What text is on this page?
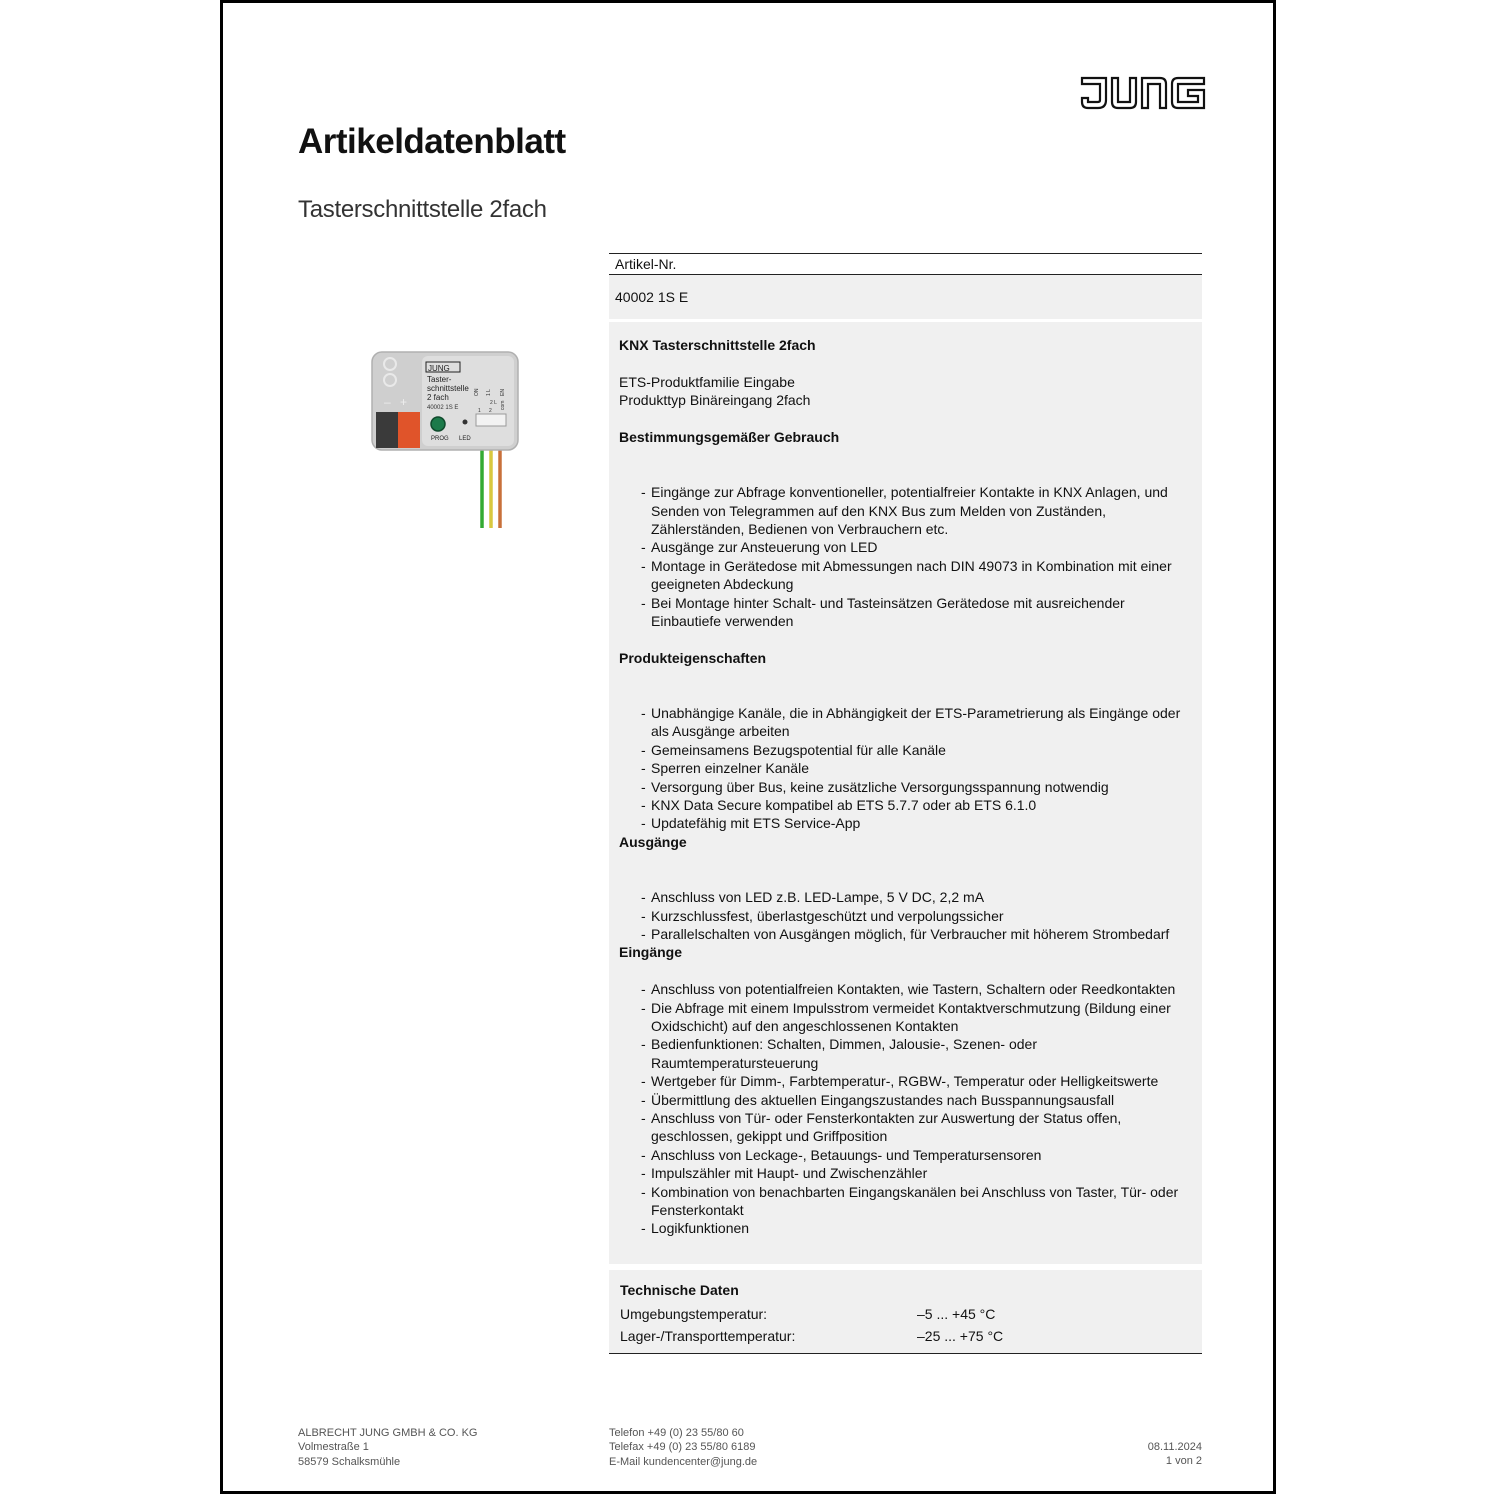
Artikeldatenblatt
Tasterschnittstelle 2fach
– +
JUNG
Taster-
schnittstelle
2 fach
40002 1S E
PROG LED
ON 1 L
com
EN
1 2
2 L
Artikel-Nr.
40002 1S E

KNX Tasterschnittstelle 2fach

ETS-Produktfamilie Eingabe

Produkttyp Binäreingang 2fach

Bestimmungsgemäßer Gebrauch

- Eingänge zur Abfrage konventioneller, potentialfreier Kontakte in KNX Anlagen, und Senden von Telegrammen auf den KNX Bus zum Melden von Zuständen, Zählerständen, Bedienen von Verbrauchern etc.
- Ausgänge zur Ansteuerung von LED
- Montage in Gerätedose mit Abmessungen nach DIN 49073 in Kombination mit einer geeigneten Abdeckung
- Bei Montage hinter Schalt- und Tasteinsätzen Gerätedose mit ausreichender Einbautiefe verwenden

Produkteigenschaften

- Unabhängige Kanäle, die in Abhängigkeit der ETS-Parametrierung als Eingänge oder als Ausgänge arbeiten
- Gemeinsamens Bezugspotential für alle Kanäle
- Sperren einzelner Kanäle
- Versorgung über Bus, keine zusätzliche Versorgungsspannung notwendig
- KNX Data Secure kompatibel ab ETS 5.7.7 oder ab ETS 6.1.0
- Updatefähig mit ETS Service-App

Ausgänge

- Anschluss von LED z.B. LED-Lampe, 5 V DC, 2,2 mA
- Kurzschlussfest, überlastgeschützt und verpolungssicher
- Parallelschalten von Ausgängen möglich, für Verbraucher mit höherem Strombedarf

Eingänge

- Anschluss von potentialfreien Kontakten, wie Tastern, Schaltern oder Reedkontakten
- Die Abfrage mit einem Impulsstrom vermeidet Kontaktverschmutzung (Bildung einer Oxidschicht) auf den angeschlossenen Kontakten
- Bedienfunktionen: Schalten, Dimmen, Jalousie-, Szenen- oder Raumtemperatursteuerung
- Wertgeber für Dimm-, Farbtemperatur-, RGBW-, Temperatur oder Helligkeitswerte
- Übermittlung des aktuellen Eingangszustandes nach Busspannungsausfall
- Anschluss von Tür- oder Fensterkontakten zur Auswertung der Status offen, geschlossen, gekippt und Griffposition
- Anschluss von Leckage-, Betauungs- und Temperatursensoren
- Impulszähler mit Haupt- und Zwischenzähler
- Kombination von benachbarten Eingangskanälen bei Anschluss von Taster, Tür- oder Fensterkontakt
- Logikfunktionen
Technische Daten
Umgebungstemperatur:	–5 ... +45 °C
Lager-/Transporttemperatur:	–25 ... +75 °C
ALBRECHT JUNG GMBH & CO. KG
Volmestraße 1
58579 Schalksmühle
Telefon +49 (0) 23 55/80 60
Telefax +49 (0) 23 55/80 6189
E-Mail kundencenter@jung.de
08.11.2024
1 von 2
